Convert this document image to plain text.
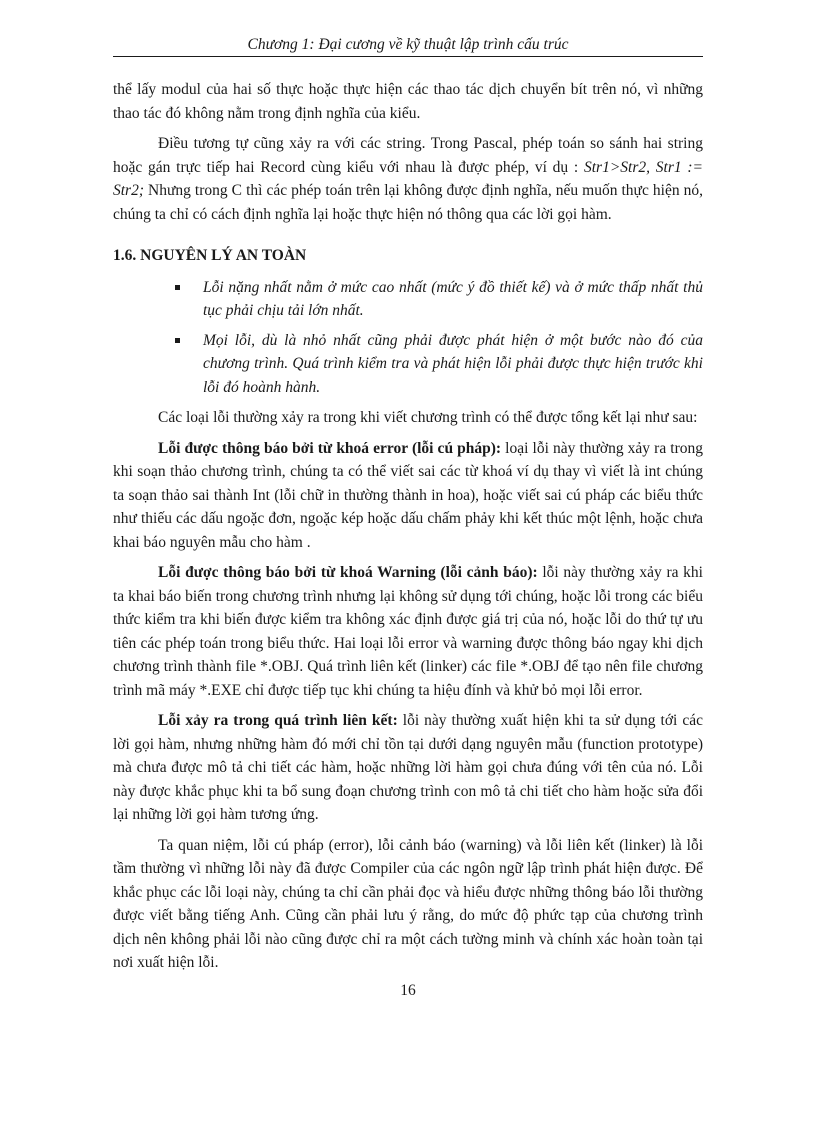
Chương 1: Đại cương về kỹ thuật lập trình cấu trúc

thể lấy modul của hai số thực hoặc thực hiện các thao tác dịch chuyển bít trên nó, vì những thao tác đó không nằm trong định nghĩa của kiểu.

Điều tương tự cũng xảy ra với các string. Trong Pascal, phép toán so sánh hai string hoặc gán trực tiếp hai Record cùng kiểu với nhau là được phép, ví dụ : Str1>Str2, Str1 := Str2; Nhưng trong C thì các phép toán trên lại không được định nghĩa, nếu muốn thực hiện nó, chúng ta chỉ có cách định nghĩa lại hoặc thực hiện nó thông qua các lời gọi hàm.

1.6. NGUYÊN LÝ AN TOÀN

Lỗi nặng nhất nằm ở mức cao nhất (mức ý đồ thiết kế) và ở mức thấp nhất thủ tục phải chịu tải lớn nhất.
Mọi lỗi, dù là nhỏ nhất cũng phải được phát hiện ở một bước nào đó của chương trình. Quá trình kiểm tra và phát hiện lỗi phải được thực hiện trước khi lỗi đó hoành hành.

Các loại lỗi thường xảy ra trong khi viết chương trình có thể được tổng kết lại như sau:

Lỗi được thông báo bởi từ khoá error (lỗi cú pháp): loại lỗi này thường xảy ra trong khi soạn thảo chương trình, chúng ta có thể viết sai các từ khoá ví dụ thay vì viết là int chúng ta soạn thảo sai thành Int (lỗi chữ in thường thành in hoa), hoặc viết sai cú pháp các biểu thức như thiếu các dấu ngoặc đơn, ngoặc kép hoặc dấu chấm phảy khi kết thúc một lệnh, hoặc chưa khai báo nguyên mẫu cho hàm .

Lỗi được thông báo bởi từ khoá Warning (lỗi cảnh báo): lỗi này thường xảy ra khi ta khai báo biến trong chương trình nhưng lại không sử dụng tới chúng, hoặc lỗi trong các biểu thức kiểm tra khi biến được kiểm tra không xác định được giá trị của nó, hoặc lỗi do thứ tự ưu tiên các phép toán trong biểu thức. Hai loại lỗi error và warning được thông báo ngay khi dịch chương trình thành file *.OBJ. Quá trình liên kết (linker) các file *.OBJ để tạo nên file chương trình mã máy *.EXE chỉ được tiếp tục khi chúng ta hiệu đính và khử bỏ mọi lỗi error.

Lỗi xảy ra trong quá trình liên kết: lỗi này thường xuất hiện khi ta sử dụng tới các lời gọi hàm, nhưng những hàm đó mới chỉ tồn tại dưới dạng nguyên mẫu (function prototype) mà chưa được mô tả chi tiết các hàm, hoặc những lời hàm gọi chưa đúng với tên của nó. Lỗi này được khắc phục khi ta bổ sung đoạn chương trình con mô tả chi tiết cho hàm hoặc sửa đổi lại những lời gọi hàm tương ứng.

Ta quan niệm, lỗi cú pháp (error), lỗi cảnh báo (warning) và lỗi liên kết (linker) là lỗi tầm thường vì những lỗi này đã được Compiler của các ngôn ngữ lập trình phát hiện được. Để khắc phục các lỗi loại này, chúng ta chỉ cần phải đọc và hiểu được những thông báo lỗi thường được viết bằng tiếng Anh. Cũng cần phải lưu ý rằng, do mức độ phức tạp của chương trình dịch nên không phải lỗi nào cũng được chỉ ra một cách tường minh và chính xác hoàn toàn tại nơi xuất hiện lỗi.

16
